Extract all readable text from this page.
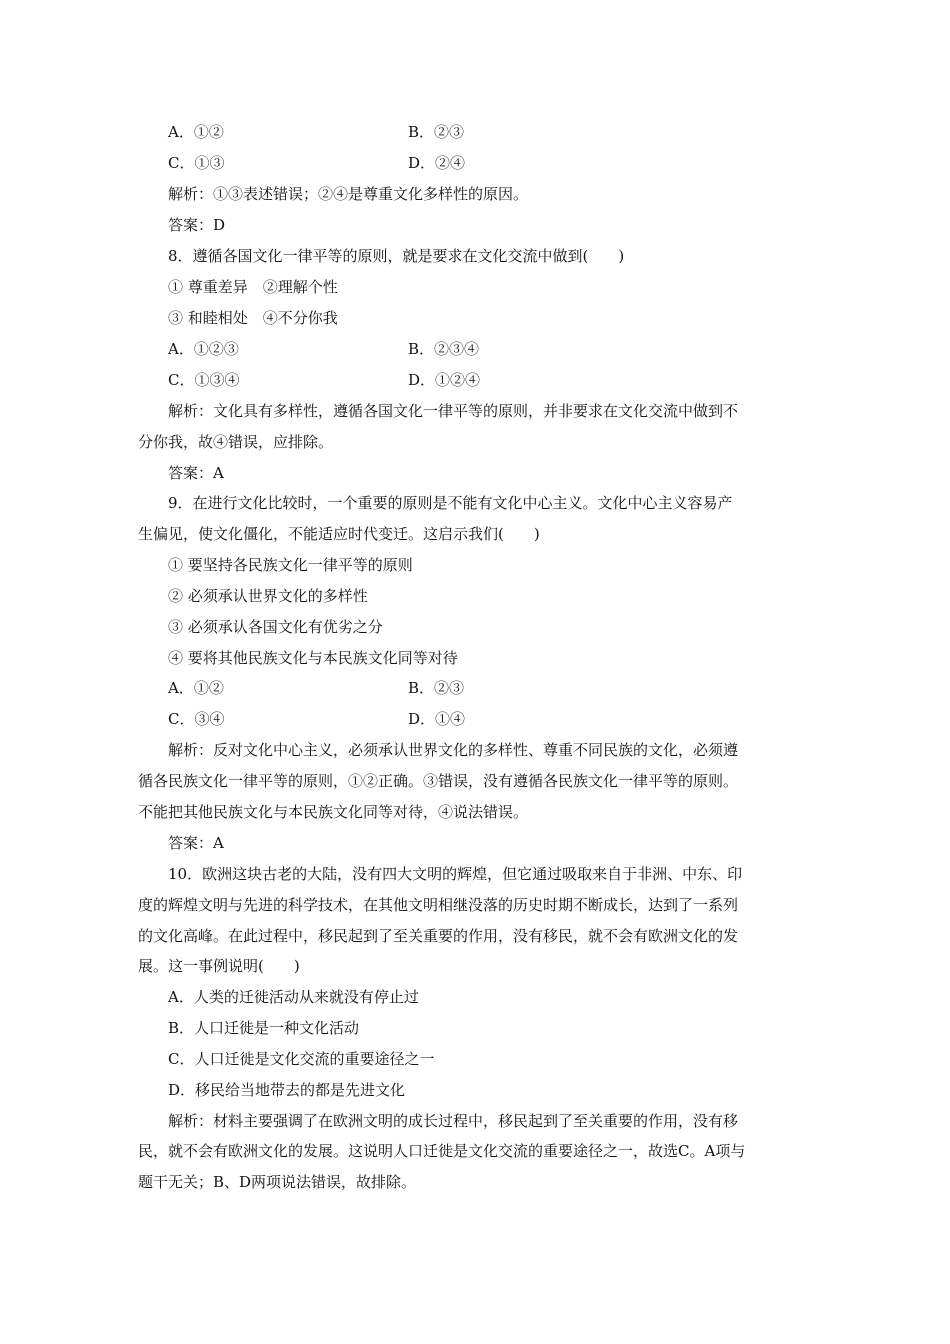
A．①②	B．②③
C．①③	D．②④
解析：①③表述错误；②④是尊重文化多样性的原因。
答案：D
8．遵循各国文化一律平等的原则，就是要求在文化交流中做到(　　)
① 尊重差异　②理解个性
③ 和睦相处　④不分你我
A．①②③	B．②③④
C．①③④	D．①②④
解析：文化具有多样性，遵循各国文化一律平等的原则，并非要求在文化交流中做到不
分你我，故④错误，应排除。
答案：A
9．在进行文化比较时，一个重要的原则是不能有文化中心主义。文化中心主义容易产
生偏见，使文化僵化，不能适应时代变迁。这启示我们(　　)
① 要坚持各民族文化一律平等的原则
② 必须承认世界文化的多样性
③ 必须承认各国文化有优劣之分
④ 要将其他民族文化与本民族文化同等对待
A．①②	B．②③
C．③④	D．①④
解析：反对文化中心主义，必须承认世界文化的多样性、尊重不同民族的文化，必须遵
循各民族文化一律平等的原则，①②正确。③错误，没有遵循各民族文化一律平等的原则。
不能把其他民族文化与本民族文化同等对待，④说法错误。
答案：A
10．欧洲这块古老的大陆，没有四大文明的辉煌，但它通过吸取来自于非洲、中东、印
度的辉煌文明与先进的科学技术，在其他文明相继没落的历史时期不断成长，达到了一系列
的文化高峰。在此过程中，移民起到了至关重要的作用，没有移民，就不会有欧洲文化的发
展。这一事例说明(　　)
A．人类的迁徙活动从来就没有停止过
B．人口迁徙是一种文化活动
C．人口迁徙是文化交流的重要途径之一
D．移民给当地带去的都是先进文化
解析：材料主要强调了在欧洲文明的成长过程中，移民起到了至关重要的作用，没有移
民，就不会有欧洲文化的发展。这说明人口迁徙是文化交流的重要途径之一，故选C。A项与
题干无关；B、D两项说法错误，故排除。
